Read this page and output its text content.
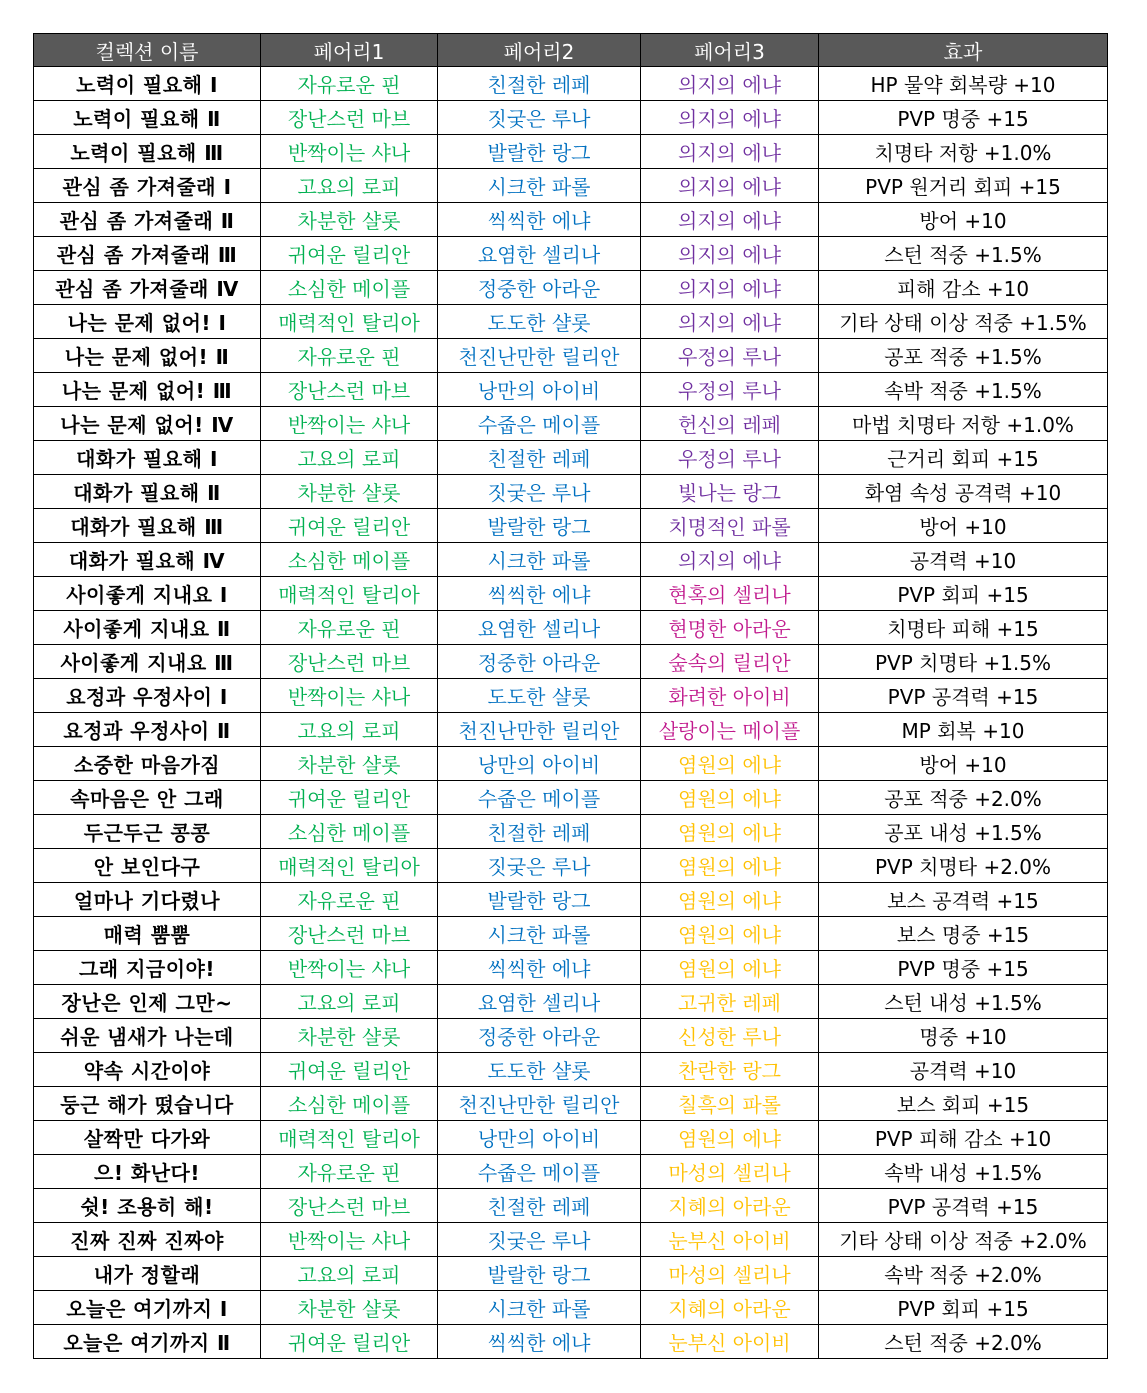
컬렉션 이름	페어리1	페어리2	페어리3	효과
노력이 필요해 Ⅰ	자유로운 핀	친절한 레페	의지의 에냐	HP 물약 회복량 +10
노력이 필요해 Ⅱ	장난스런 마브	짓궂은 루나	의지의 에냐	PVP 명중 +15
노력이 필요해 Ⅲ	반짝이는 샤나	발랄한 랑그	의지의 에냐	치명타 저항 +1.0%
관심 좀 가져줄래 Ⅰ	고요의 로피	시크한 파롤	의지의 에냐	PVP 원거리 회피 +15
관심 좀 가져줄래 Ⅱ	차분한 샬롯	씩씩한 에냐	의지의 에냐	방어 +10
관심 좀 가져줄래 Ⅲ	귀여운 릴리안	요염한 셀리나	의지의 에냐	스턴 적중 +1.5%
관심 좀 가져줄래 Ⅳ	소심한 메이플	정중한 아라운	의지의 에냐	피해 감소 +10
나는 문제 없어! Ⅰ	매력적인 탈리아	도도한 샬롯	의지의 에냐	기타 상태 이상 적중 +1.5%
나는 문제 없어! Ⅱ	자유로운 핀	천진난만한 릴리안	우정의 루나	공포 적중 +1.5%
나는 문제 없어! Ⅲ	장난스런 마브	낭만의 아이비	우정의 루나	속박 적중 +1.5%
나는 문제 없어! Ⅳ	반짝이는 샤나	수줍은 메이플	헌신의 레페	마법 치명타 저항 +1.0%
대화가 필요해 Ⅰ	고요의 로피	친절한 레페	우정의 루나	근거리 회피 +15
대화가 필요해 Ⅱ	차분한 샬롯	짓궂은 루나	빛나는 랑그	화염 속성 공격력 +10
대화가 필요해 Ⅲ	귀여운 릴리안	발랄한 랑그	치명적인 파롤	방어 +10
대화가 필요해 Ⅳ	소심한 메이플	시크한 파롤	의지의 에냐	공격력 +10
사이좋게 지내요 Ⅰ	매력적인 탈리아	씩씩한 에냐	현혹의 셀리나	PVP 회피 +15
사이좋게 지내요 Ⅱ	자유로운 핀	요염한 셀리나	현명한 아라운	치명타 피해 +15
사이좋게 지내요 Ⅲ	장난스런 마브	정중한 아라운	숲속의 릴리안	PVP 치명타 +1.5%
요정과 우정사이 Ⅰ	반짝이는 샤나	도도한 샬롯	화려한 아이비	PVP 공격력 +15
요정과 우정사이 Ⅱ	고요의 로피	천진난만한 릴리안	살랑이는 메이플	MP 회복 +10
소중한 마음가짐	차분한 샬롯	낭만의 아이비	염원의 에냐	방어 +10
속마음은 안 그래	귀여운 릴리안	수줍은 메이플	염원의 에냐	공포 적중 +2.0%
두근두근 콩콩	소심한 메이플	친절한 레페	염원의 에냐	공포 내성 +1.5%
안 보인다구	매력적인 탈리아	짓궂은 루나	염원의 에냐	PVP 치명타 +2.0%
얼마나 기다렸나	자유로운 핀	발랄한 랑그	염원의 에냐	보스 공격력 +15
매력 뿜뿜	장난스런 마브	시크한 파롤	염원의 에냐	보스 명중 +15
그래 지금이야!	반짝이는 샤나	씩씩한 에냐	염원의 에냐	PVP 명중 +15
장난은 인제 그만~	고요의 로피	요염한 셀리나	고귀한 레페	스턴 내성 +1.5%
쉬운 냄새가 나는데	차분한 샬롯	정중한 아라운	신성한 루나	명중 +10
약속 시간이야	귀여운 릴리안	도도한 샬롯	찬란한 랑그	공격력 +10
둥근 해가 떴습니다	소심한 메이플	천진난만한 릴리안	칠흑의 파롤	보스 회피 +15
살짝만 다가와	매력적인 탈리아	낭만의 아이비	염원의 에냐	PVP 피해 감소 +10
으! 화난다!	자유로운 핀	수줍은 메이플	마성의 셀리나	속박 내성 +1.5%
쉿! 조용히 해!	장난스런 마브	친절한 레페	지혜의 아라운	PVP 공격력 +15
진짜 진짜 진짜야	반짝이는 샤나	짓궂은 루나	눈부신 아이비	기타 상태 이상 적중 +2.0%
내가 정할래	고요의 로피	발랄한 랑그	마성의 셀리나	속박 적중 +2.0%
오늘은 여기까지 Ⅰ	차분한 샬롯	시크한 파롤	지혜의 아라운	PVP 회피 +15
오늘은 여기까지 Ⅱ	귀여운 릴리안	씩씩한 에냐	눈부신 아이비	스턴 적중 +2.0%
